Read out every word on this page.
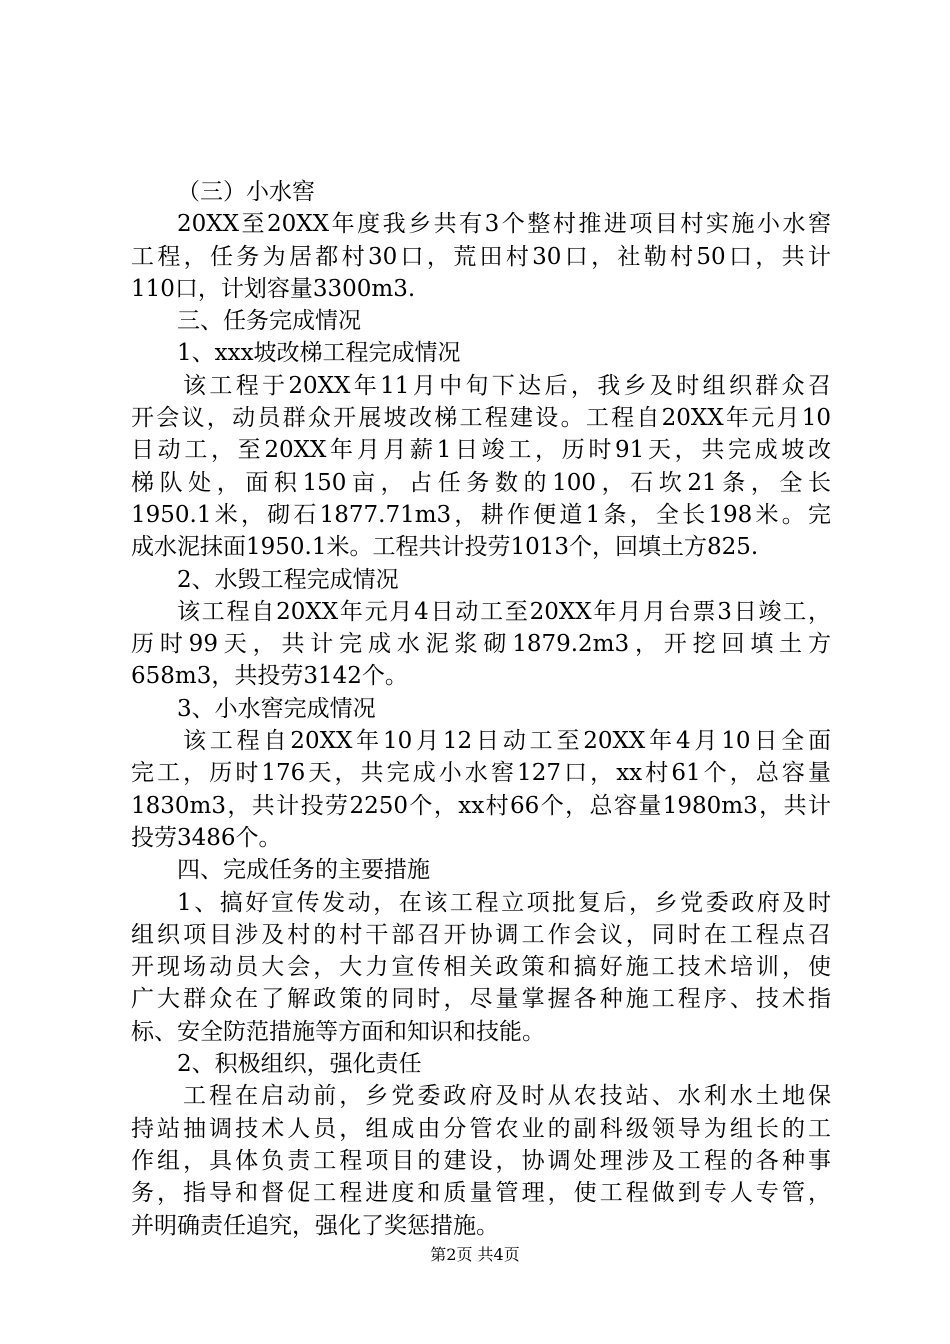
（三）小水窖
20XX至20XX年度我乡共有3个整村推进项目村实施小水窖
工程，任务为居都村30口，荒田村30口，社勒村50口，共计
110口，计划容量3300m3.
三、任务完成情况
1、xxx坡改梯工程完成情况
该工程于20XX年11月中旬下达后，我乡及时组织群众召
开会议，动员群众开展坡改梯工程建设。工程自20XX年元月10
日动工，至20XX年月月薪1日竣工，历时91天，共完成坡改
梯队处，面积150亩，占任务数的100，石坎21条，全长
1950.1米，砌石1877.71m3，耕作便道1条，全长198米。完
成水泥抹面1950.1米。工程共计投劳1013个，回填土方825.
2、水毁工程完成情况
该工程自20XX年元月4日动工至20XX年月月台票3日竣工，
历时99天，共计完成水泥浆砌1879.2m3，开挖回填土方
658m3，共投劳3142个。
3、小水窖完成情况
该工程自20XX年10月12日动工至20XX年4月10日全面
完工，历时176天，共完成小水窖127口，xx村61个，总容量
1830m3，共计投劳2250个，xx村66个，总容量1980m3，共计
投劳3486个。
四、完成任务的主要措施
1、搞好宣传发动，在该工程立项批复后，乡党委政府及时
组织项目涉及村的村干部召开协调工作会议，同时在工程点召
开现场动员大会，大力宣传相关政策和搞好施工技术培训，使
广大群众在了解政策的同时，尽量掌握各种施工程序、技术指
标、安全防范措施等方面和知识和技能。
2、积极组织，强化责任
工程在启动前，乡党委政府及时从农技站、水利水土地保
持站抽调技术人员，组成由分管农业的副科级领导为组长的工
作组，具体负责工程项目的建设，协调处理涉及工程的各种事
务，指导和督促工程进度和质量管理，使工程做到专人专管，
并明确责任追究，强化了奖惩措施。
第2页 共4页
